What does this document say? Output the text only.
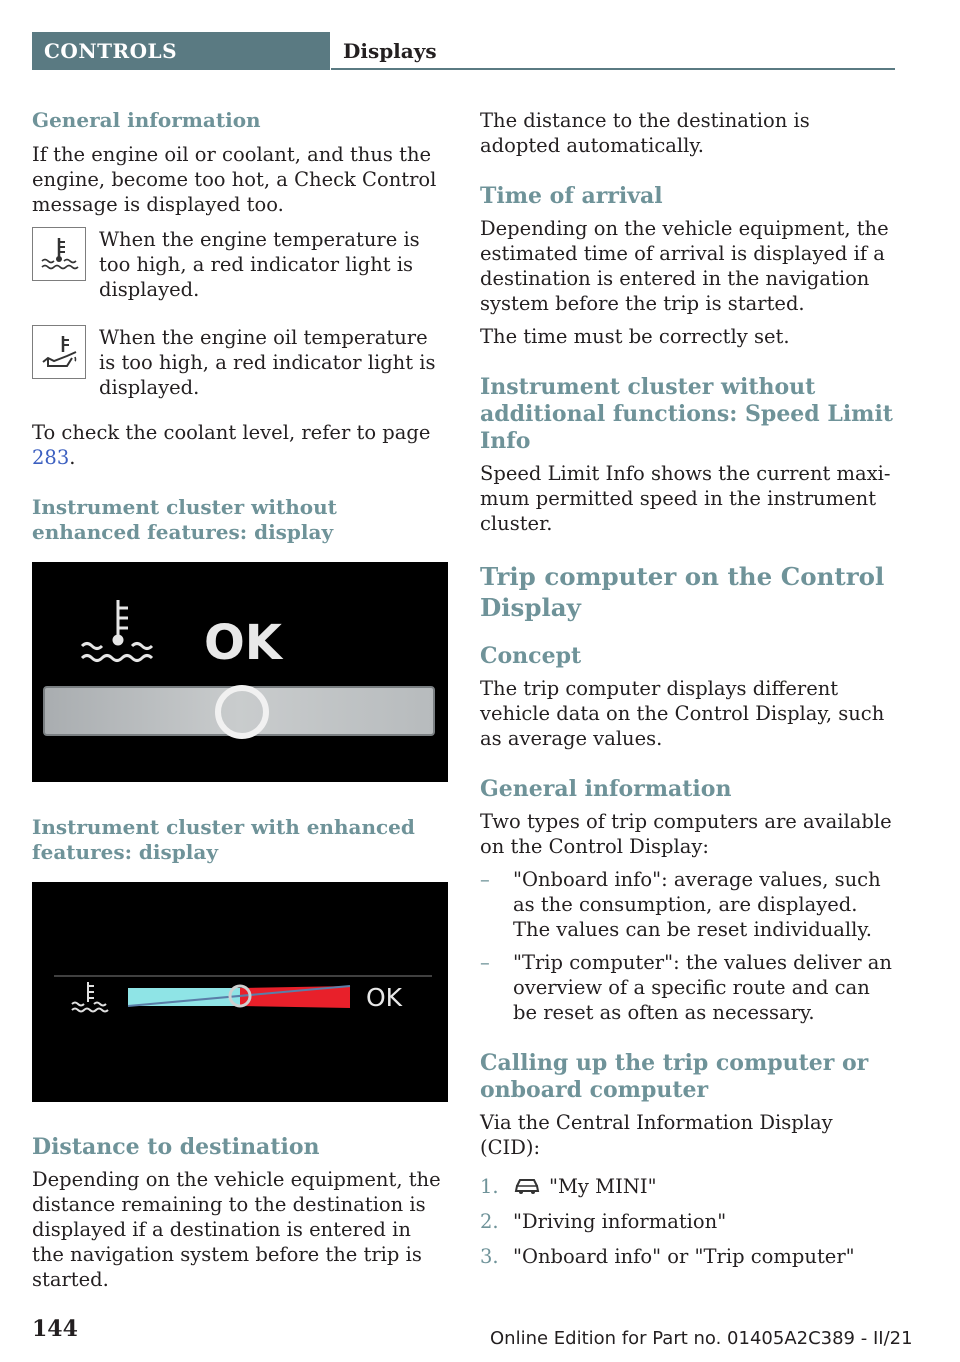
CONTROLS	Displays
General information

If the engine oil or coolant, and thus the engine, become too hot, a Check Control message is displayed too.

When the engine temperature is too high, a red indicator light is displayed.

When the engine oil temperature is too high, a red indicator light is displayed.

To check the coolant level, refer to page 283.

Instrument cluster without enhanced features: display
OK
Instrument cluster with enhanced features: display
OK
Distance to destination

Depending on the vehicle equipment, the distance remaining to the destination is displayed if a destination is entered in the navigation system before the trip is started.

The distance to the destination is adopted automatically.

Time of arrival

Depending on the vehicle equipment, the estimated time of arrival is displayed if a destination is entered in the navigation system before the trip is started.

The time must be correctly set.

Instrument cluster without additional functions: Speed Limit Info

Speed Limit Info shows the current maximum permitted speed in the instrument cluster.

Trip computer on the Control Display
Concept

The trip computer displays different vehicle data on the Control Display, such as average values.

General information

Two types of trip computers are available on the Control Display:

– "Onboard info": average values, such as the consumption, are displayed. The values can be reset individually.
– "Trip computer": the values deliver an overview of a specific route and can be reset as often as necessary.
Calling up the trip computer or onboard computer

Via the Central Information Display (CID):

1.	"My MINI"
2. "Driving information"
3. "Onboard info" or "Trip computer"
144	Online Edition for Part no. 01405A2C389 - II/21
